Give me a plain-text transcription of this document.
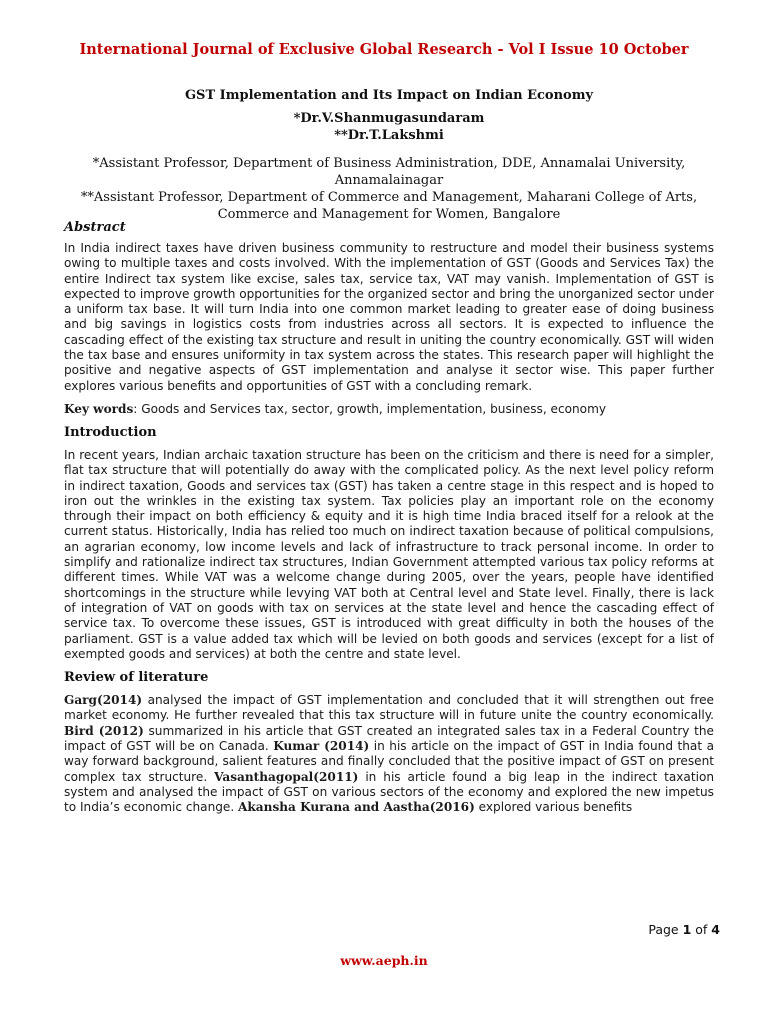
International Journal of Exclusive Global Research - Vol I Issue 10 October

GST Implementation and Its Impact on Indian Economy

*Dr.V.Shanmugasundaram

**Dr.T.Lakshmi

*Assistant Professor, Department of Business Administration, DDE, Annamalai University, Annamalainagar

**Assistant Professor, Department of Commerce and Management, Maharani College of Arts, Commerce and Management for Women, Bangalore

Abstract

In India indirect taxes have driven business community to restructure and model their business systems owing to multiple taxes and costs involved. With the implementation of GST (Goods and Services Tax) the entire Indirect tax system like excise, sales tax, service tax, VAT may vanish. Implementation of GST is expected to improve growth opportunities for the organized sector and bring the unorganized sector under a uniform tax base. It will turn India into one common market leading to greater ease of doing business and big savings in logistics costs from industries across all sectors. It is expected to influence the cascading effect of the existing tax structure and result in uniting the country economically. GST will widen the tax base and ensures uniformity in tax system across the states. This research paper will highlight the positive and negative aspects of GST implementation and analyse it sector wise. This paper further explores various benefits and opportunities of GST with a concluding remark.

Key words: Goods and Services tax, sector, growth, implementation, business, economy

Introduction

In recent years, Indian archaic taxation structure has been on the criticism and there is need for a simpler, flat tax structure that will potentially do away with the complicated policy. As the next level policy reform in indirect taxation, Goods and services tax (GST) has taken a centre stage in this respect and is hoped to iron out the wrinkles in the existing tax system. Tax policies play an important role on the economy through their impact on both efficiency & equity and it is high time India braced itself for a relook at the current status. Historically, India has relied too much on indirect taxation because of political compulsions, an agrarian economy, low income levels and lack of infrastructure to track personal income. In order to simplify and rationalize indirect tax structures, Indian Government attempted various tax policy reforms at different times. While VAT was a welcome change during 2005, over the years, people have identified shortcomings in the structure while levying VAT both at Central level and State level. Finally, there is lack of integration of VAT on goods with tax on services at the state level and hence the cascading effect of service tax. To overcome these issues, GST is introduced with great difficulty in both the houses of the parliament. GST is a value added tax which will be levied on both goods and services (except for a list of exempted goods and services) at both the centre and state level.

Review of literature

Garg(2014) analysed the impact of GST implementation and concluded that it will strengthen out free market economy. He further revealed that this tax structure will in future unite the country economically. Bird (2012) summarized in his article that GST created an integrated sales tax in a Federal Country the impact of GST will be on Canada. Kumar (2014) in his article on the impact of GST in India found that a way forward background, salient features and finally concluded that the positive impact of GST on present complex tax structure. Vasanthagopal(2011) in his article found a big leap in the indirect taxation system and analysed the impact of GST on various sectors of the economy and explored the new impetus to India’s economic change. Akansha Kurana and Aastha(2016) explored various benefits

Page 1 of 4
www.aeph.in
